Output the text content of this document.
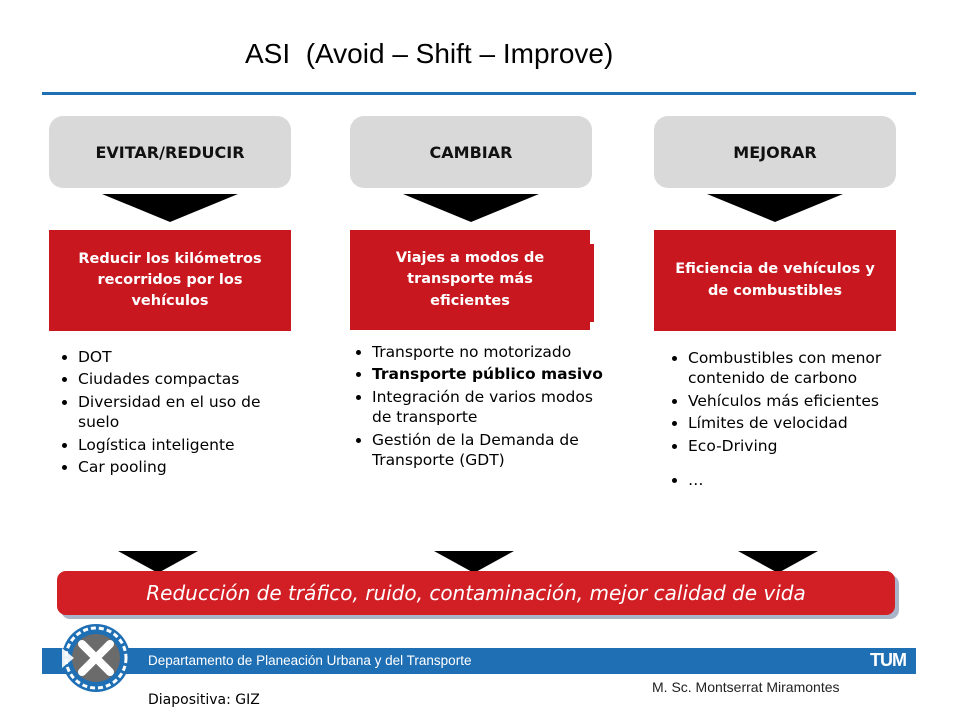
ASI  (Avoid – Shift – Improve)
EVITAR/REDUCIR	CAMBIAR	MEJORAR
Reducir los kilómetros recorridos por los vehículos
Viajes a modos de transporte más eficientes
Eficiencia de vehículos y de combustibles
• DOT
• Ciudades compactas
• Diversidad en el uso de suelo
• Logística inteligente
• Car pooling
• Transporte no motorizado
• Transporte público masivo
• Integración de varios modos de transporte
• Gestión de la Demanda de Transporte (GDT)
• Combustibles con menor contenido de carbono
• Vehículos más eficientes
• Límites de velocidad
• Eco-Driving
• …
Reducción de tráfico, ruido, contaminación, mejor calidad de vida
Departamento de Planeación Urbana y del Transporte	TUM
M. Sc. Montserrat Miramontes
Diapositiva: GIZ
